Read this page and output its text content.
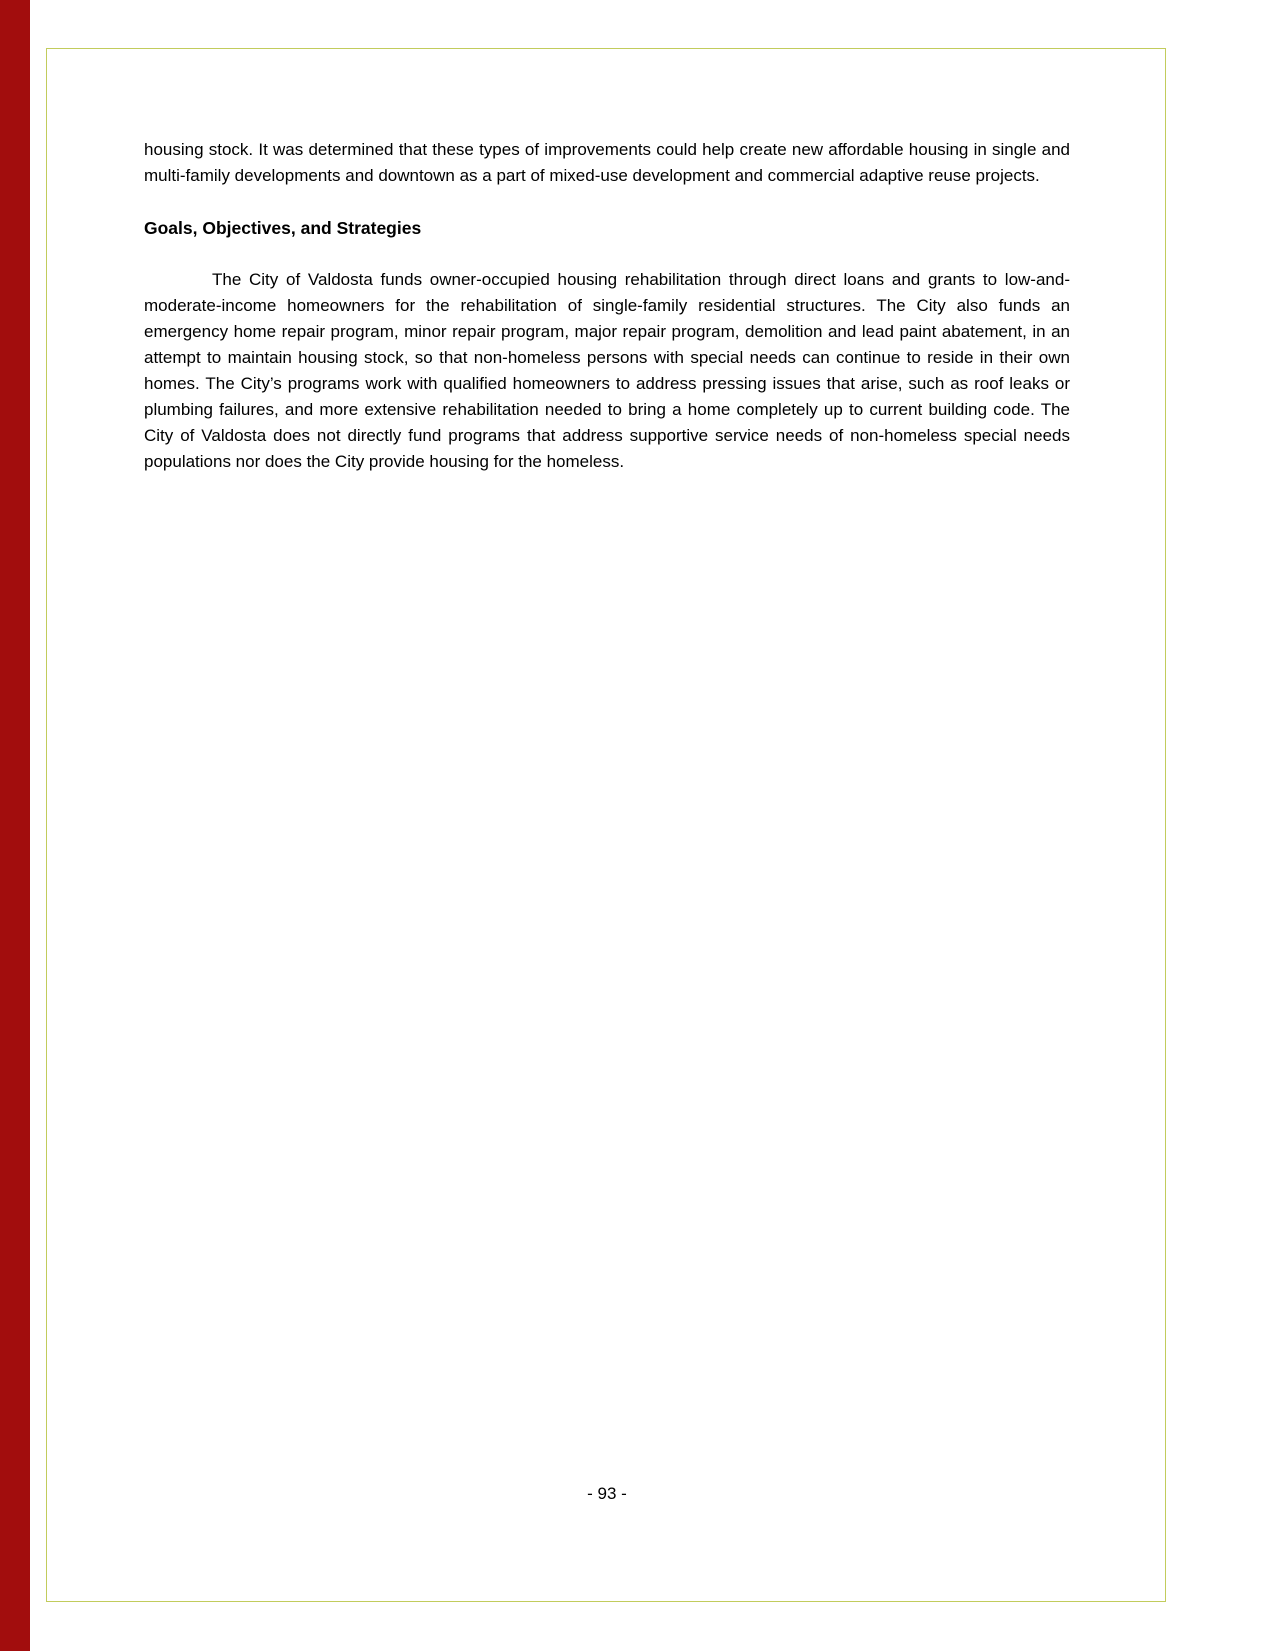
housing stock. It was determined that these types of improvements could help create new affordable housing in single and multi-family developments and downtown as a part of mixed-use development and commercial adaptive reuse projects.

Goals, Objectives, and Strategies

The City of Valdosta funds owner-occupied housing rehabilitation through direct loans and grants to low-and-moderate-income homeowners for the rehabilitation of single-family residential structures. The City also funds an emergency home repair program, minor repair program, major repair program, demolition and lead paint abatement, in an attempt to maintain housing stock, so that non-homeless persons with special needs can continue to reside in their own homes. The City’s programs work with qualified homeowners to address pressing issues that arise, such as roof leaks or plumbing failures, and more extensive rehabilitation needed to bring a home completely up to current building code. The City of Valdosta does not directly fund programs that address supportive service needs of non-homeless special needs populations nor does the City provide housing for the homeless.

- 93 -
